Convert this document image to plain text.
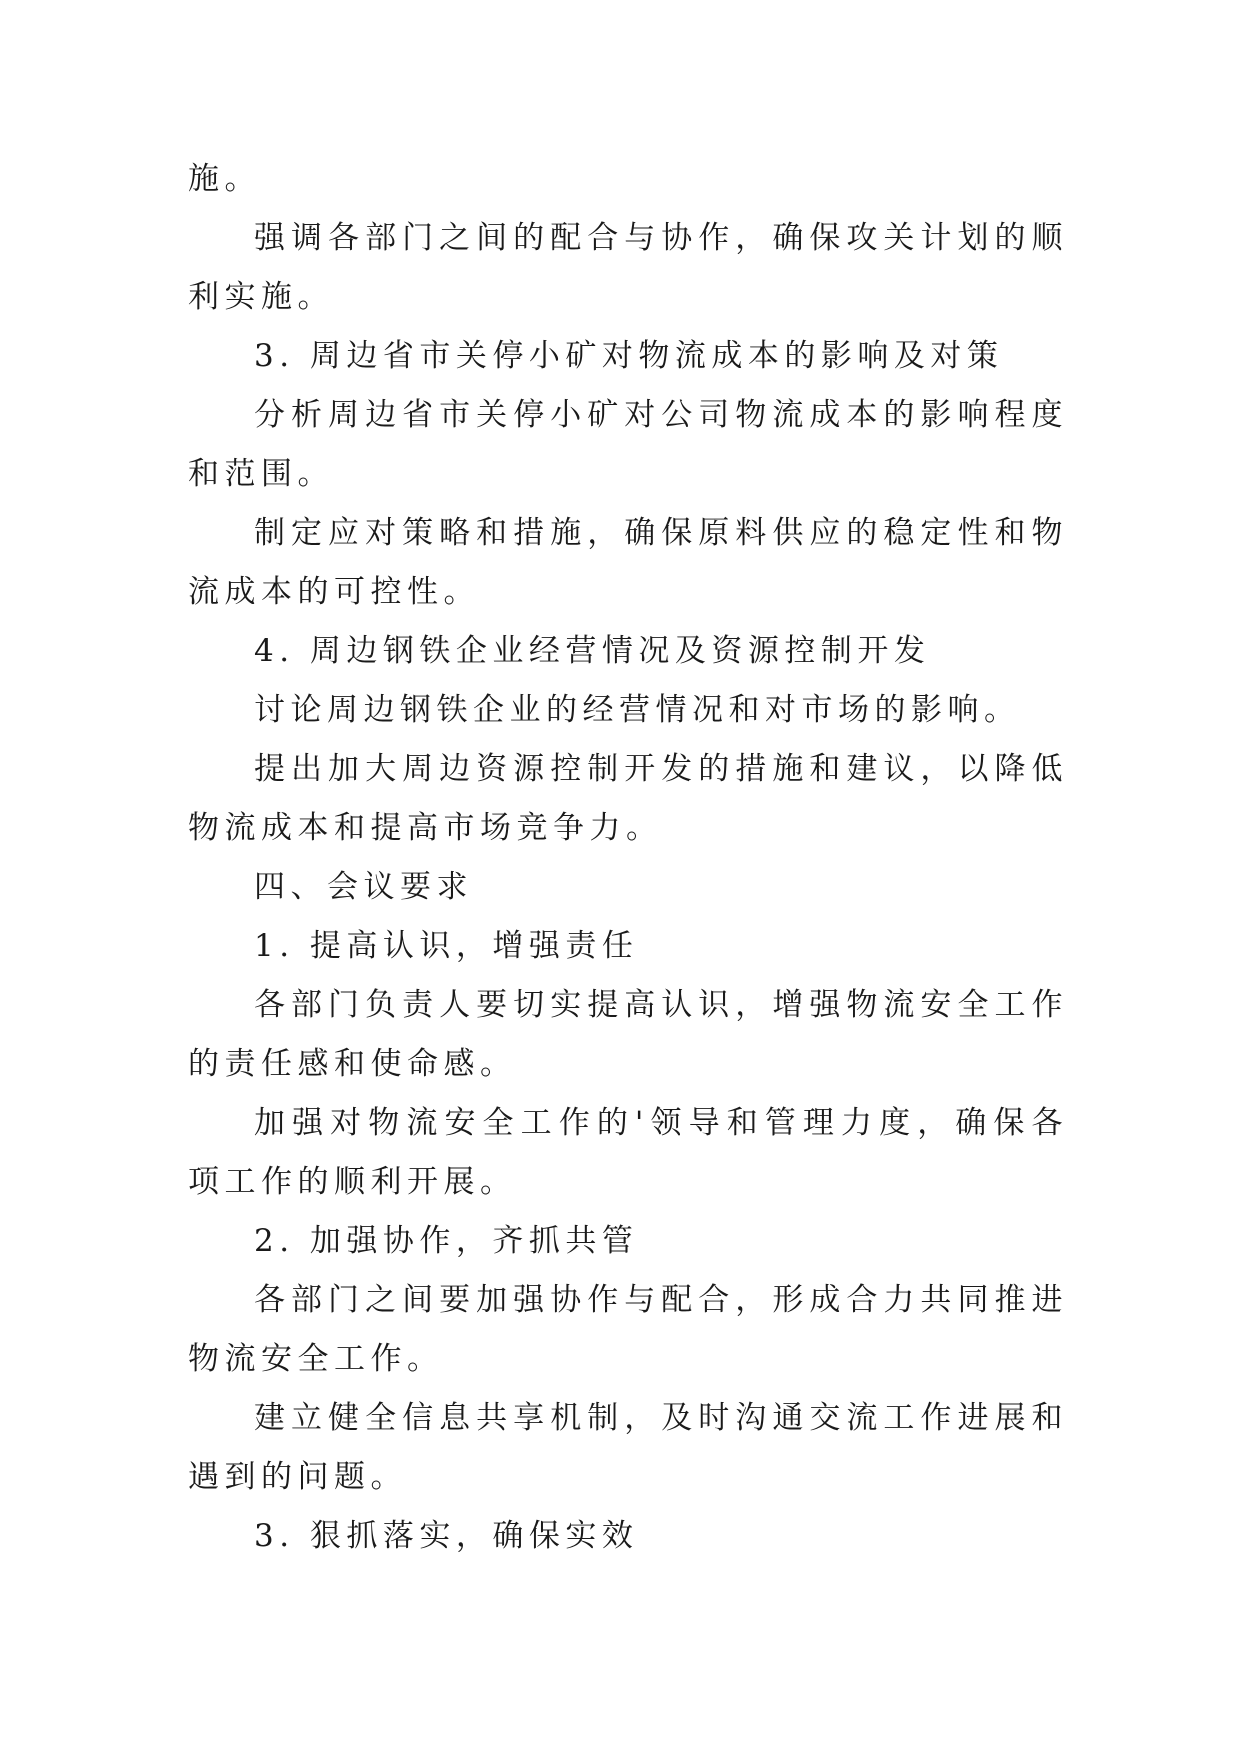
施。

强调各部门之间的配合与协作，确保攻关计划的顺利实施。

3. 周边省市关停小矿对物流成本的影响及对策

分析周边省市关停小矿对公司物流成本的影响程度和范围。

制定应对策略和措施，确保原料供应的稳定性和物流成本的可控性。

4. 周边钢铁企业经营情况及资源控制开发

讨论周边钢铁企业的经营情况和对市场的影响。

提出加大周边资源控制开发的措施和建议，以降低物流成本和提高市场竞争力。

四、会议要求

1. 提高认识，增强责任

各部门负责人要切实提高认识，增强物流安全工作的责任感和使命感。

加强对物流安全工作的'领导和管理力度，确保各项工作的顺利开展。

2. 加强协作，齐抓共管

各部门之间要加强协作与配合，形成合力共同推进物流安全工作。

建立健全信息共享机制，及时沟通交流工作进展和遇到的问题。

3. 狠抓落实，确保实效
